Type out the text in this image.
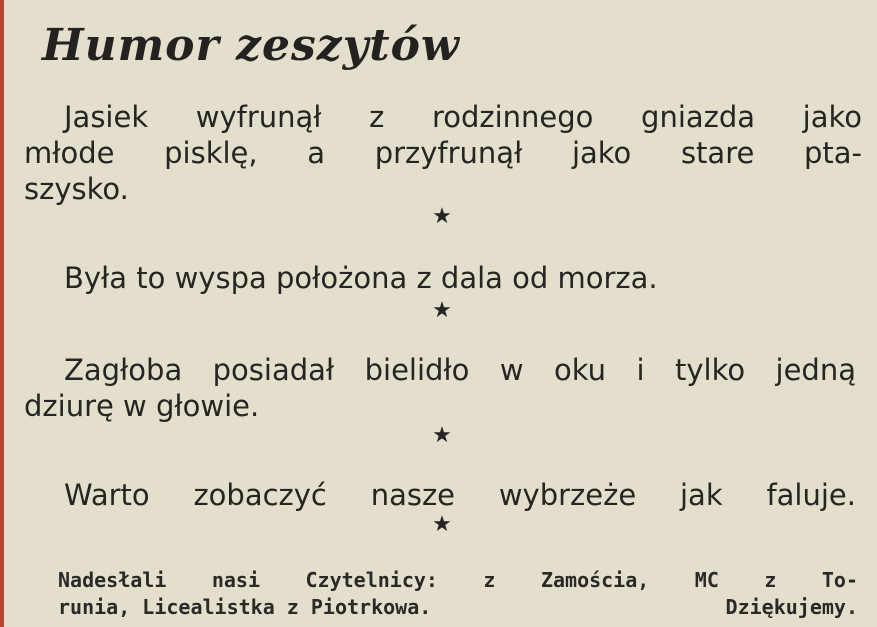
Humor zeszytów
Jasiek wyfrunął z rodzinnego gniazda jako
młode pisklę, a przyfrunął jako stare pta-
szysko.
★
Była to wyspa położona z dala od morza.
★
Zagłoba posiadał bielidło w oku i tylko jedną
dziurę w głowie.
★
Warto zobaczyć nasze wybrzeże jak faluje.
★
Nadesłali nasi Czytelnicy: z Zamościa, MC z To-
runia, Licealistka z Piotrkowa.	Dziękujemy.
